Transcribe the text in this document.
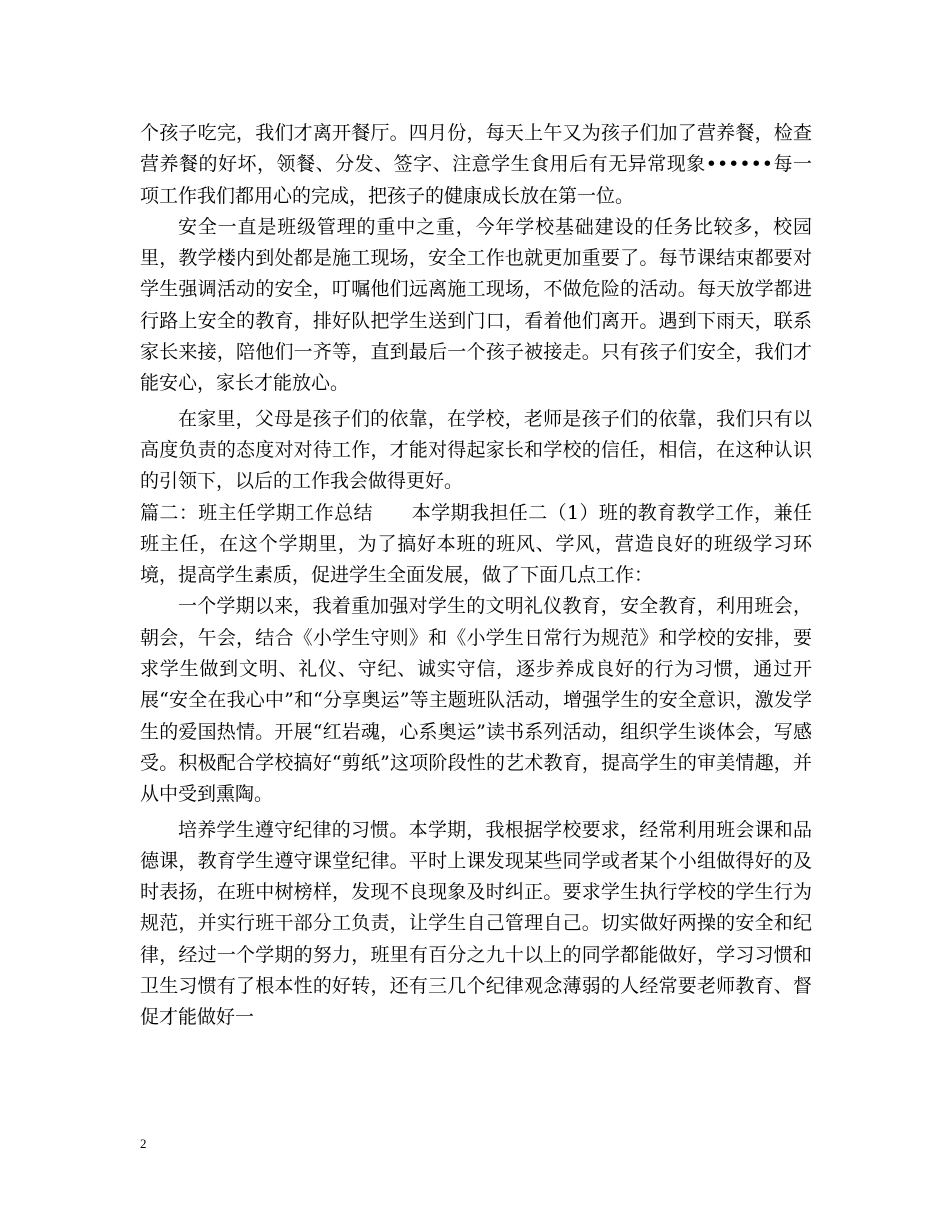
个孩子吃完，我们才离开餐厅。四月份，每天上午又为孩子们加了营养餐，检查营养餐的好坏，领餐、分发、签字、注意学生食用后有无异常现象••••••每一项工作我们都用心的完成，把孩子的健康成长放在第一位。

安全一直是班级管理的重中之重，今年学校基础建设的任务比较多，校园里，教学楼内到处都是施工现场，安全工作也就更加重要了。每节课结束都要对学生强调活动的安全，叮嘱他们远离施工现场，不做危险的活动。每天放学都进行路上安全的教育，排好队把学生送到门口，看着他们离开。遇到下雨天，联系家长来接，陪他们一齐等，直到最后一个孩子被接走。只有孩子们安全，我们才能安心，家长才能放心。

在家里，父母是孩子们的依靠，在学校，老师是孩子们的依靠，我们只有以高度负责的态度对对待工作，才能对得起家长和学校的信任，相信，在这种认识的引领下，以后的工作我会做得更好。

篇二：班主任学期工作总结　　本学期我担任二（1）班的教育教学工作，兼任班主任，在这个学期里，为了搞好本班的班风、学风，营造良好的班级学习环境，提高学生素质，促进学生全面发展，做了下面几点工作：

一个学期以来，我着重加强对学生的文明礼仪教育，安全教育，利用班会，朝会，午会，结合《小学生守则》和《小学生日常行为规范》和学校的安排，要求学生做到文明、礼仪、守纪、诚实守信，逐步养成良好的行为习惯，通过开展“安全在我心中”和“分享奥运”等主题班队活动，增强学生的安全意识，激发学生的爱国热情。开展“红岩魂，心系奥运”读书系列活动，组织学生谈体会，写感受。积极配合学校搞好“剪纸”这项阶段性的艺术教育，提高学生的审美情趣，并从中受到熏陶。

培养学生遵守纪律的习惯。本学期，我根据学校要求，经常利用班会课和品德课，教育学生遵守课堂纪律。平时上课发现某些同学或者某个小组做得好的及时表扬，在班中树榜样，发现不良现象及时纠正。要求学生执行学校的学生行为规范，并实行班干部分工负责，让学生自己管理自己。切实做好两操的安全和纪律，经过一个学期的努力，班里有百分之九十以上的同学都能做好，学习习惯和卫生习惯有了根本性的好转，还有三几个纪律观念薄弱的人经常要老师教育、督促才能做好一

2
